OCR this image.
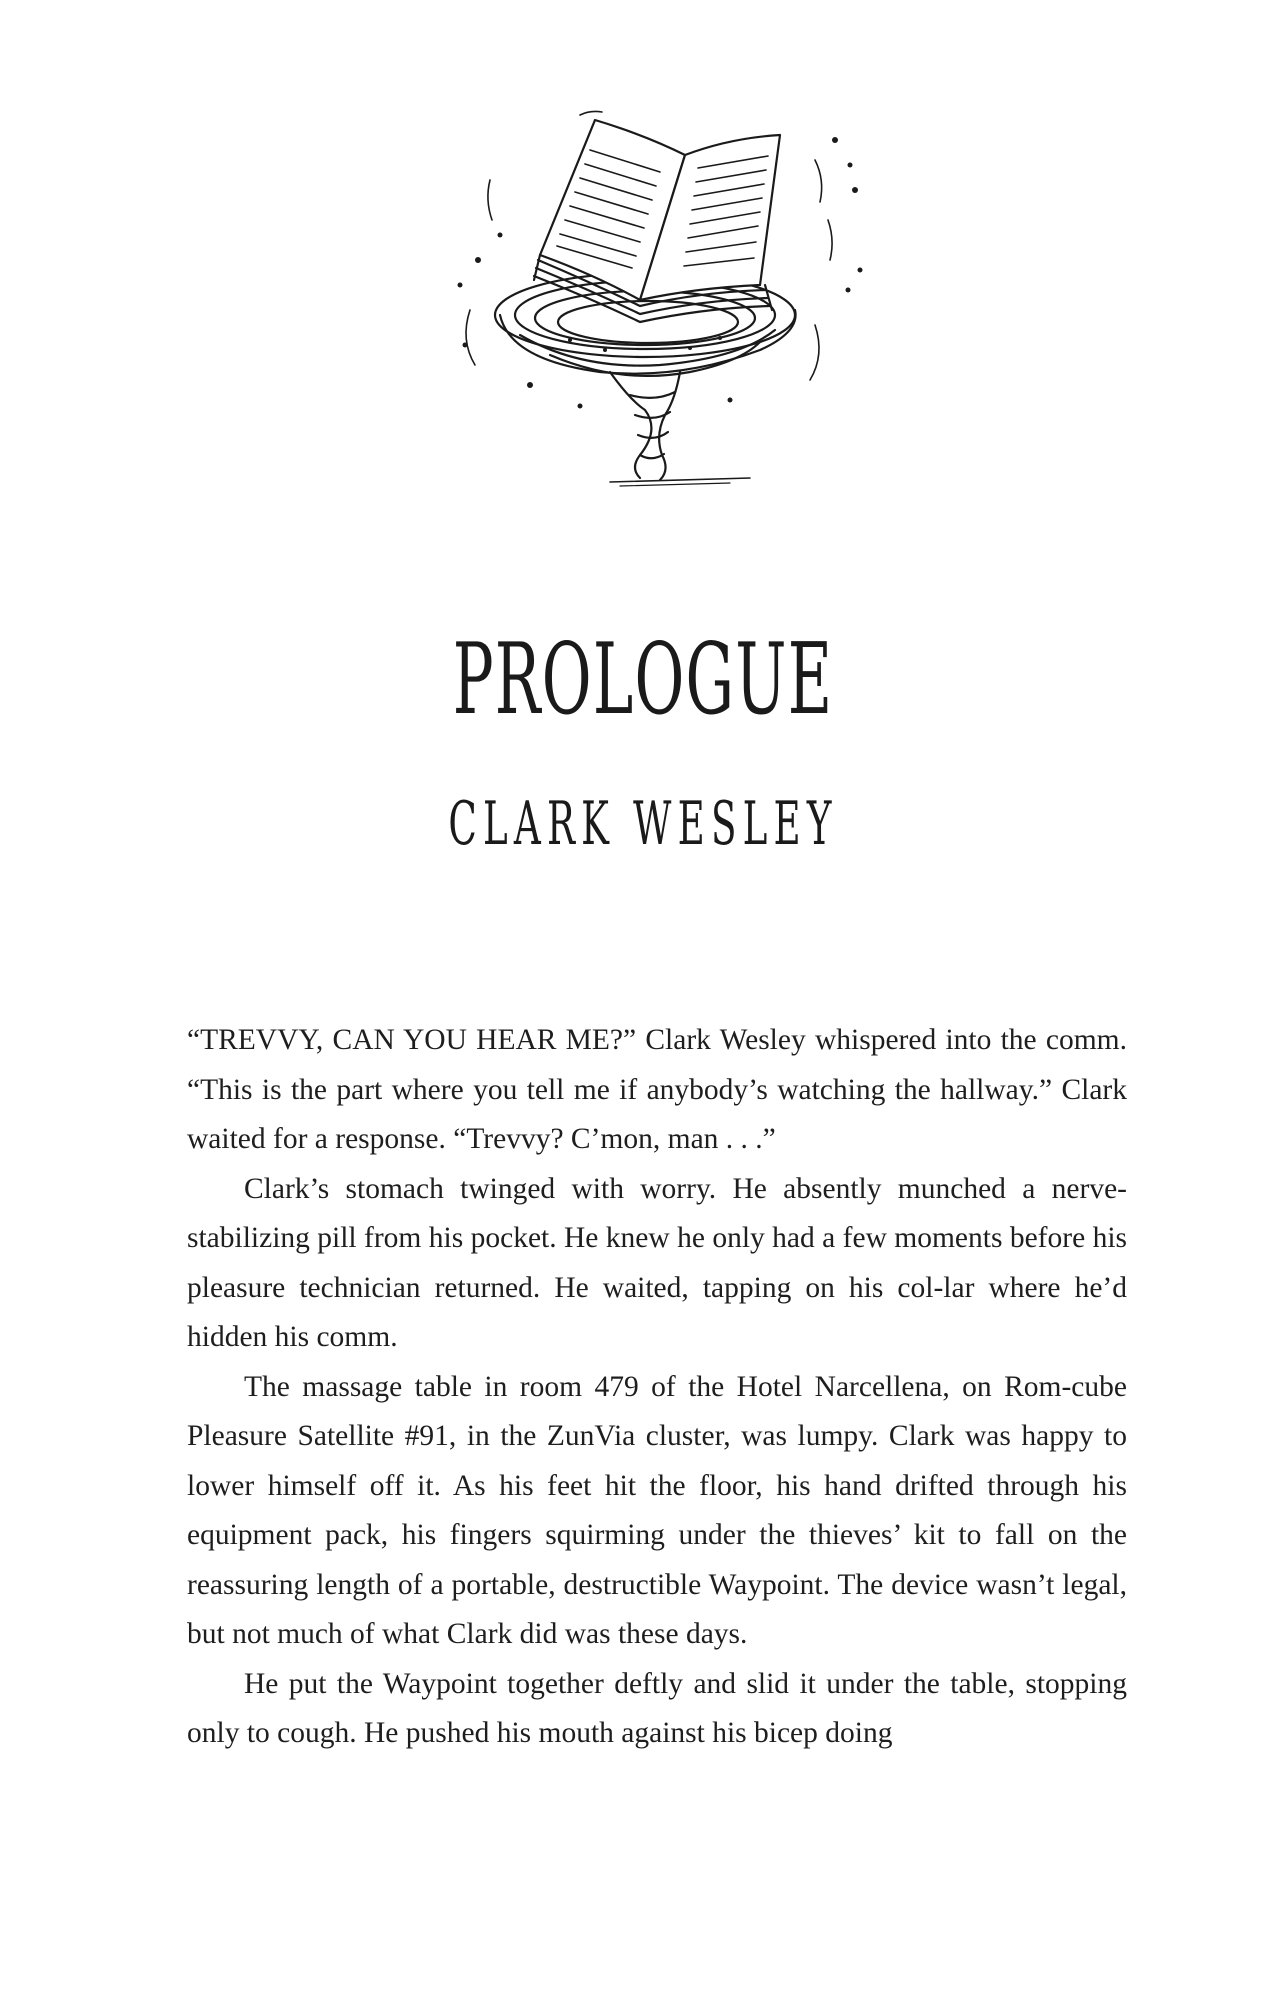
PROLOGUE
CLARK WESLEY

“TREVVY, CAN YOU HEAR ME?” Clark Wesley whispered into the comm. “This is the part where you tell me if anybody’s watching the hallway.” Clark waited for a response. “Trevvy? C’mon, man . . .”

Clark’s stomach twinged with worry. He absently munched a nerve-stabilizing pill from his pocket. He knew he only had a few moments before his pleasure technician returned. He waited, tapping on his col-lar where he’d hidden his comm.

The massage table in room 479 of the Hotel Narcellena, on Rom-cube Pleasure Satellite #91, in the ZunVia cluster, was lumpy. Clark was happy to lower himself off it. As his feet hit the floor, his hand drifted through his equipment pack, his fingers squirming under the thieves’ kit to fall on the reassuring length of a portable, destructible Waypoint. The device wasn’t legal, but not much of what Clark did was these days.

He put the Waypoint together deftly and slid it under the table, stopping only to cough. He pushed his mouth against his bicep doing
